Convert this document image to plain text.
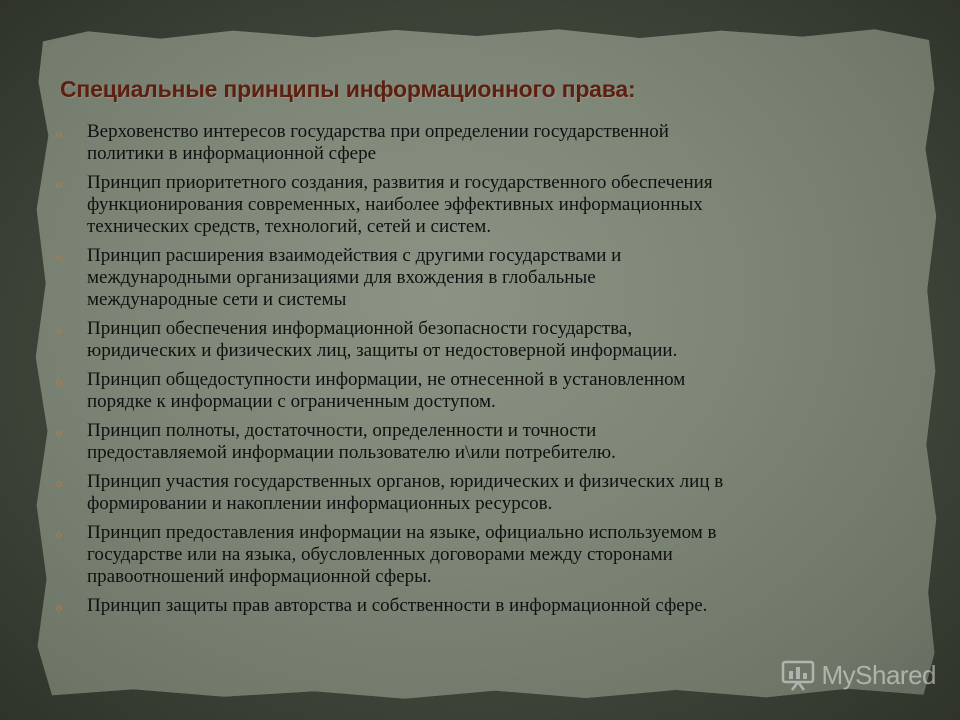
Специальные принципы информационного права:
o	Верховенство интересов государства при определении государственной
политики в информационной сфере
o	Принцип приоритетного создания, развития и государственного обеспечения
функционирования современных, наиболее эффективных информационных
технических средств, технологий, сетей и систем.
o	Принцип расширения взаимодействия с другими государствами и
международными организациями для вхождения в глобальные
международные сети и системы
o	Принцип обеспечения информационной безопасности государства,
юридических и физических лиц, защиты от недостоверной информации.
o	Принцип общедоступности информации, не отнесенной в установленном
порядке к информации с ограниченным доступом.
o	Принцип полноты, достаточности, определенности и точности
предоставляемой информации пользователю и\или потребителю.
o	Принцип участия государственных органов, юридических и физических лиц в
формировании и накоплении информационных ресурсов.
o	Принцип предоставления информации на языке, официально используемом в
государстве или на языка, обусловленных договорами между сторонами
правоотношений информационной сферы.
o	Принцип защиты прав авторства и собственности в информационной сфере.
MyShared
